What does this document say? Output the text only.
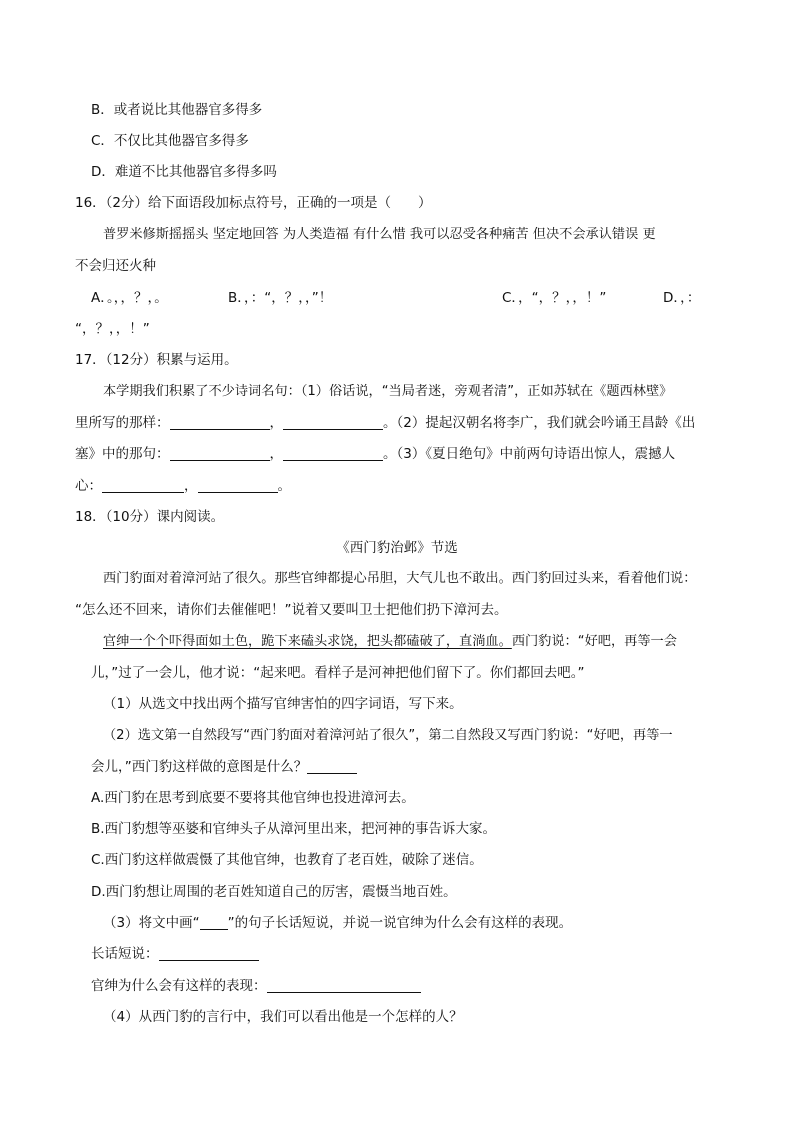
B．或者说比其他器官多得多
C．不仅比其他器官多得多
D．难道不比其他器官多得多吗
16．（2分）给下面语段加标点符号，正确的一项是（　　）
普罗米修斯摇摇头 坚定地回答 为人类造福 有什么惜 我可以忍受各种痛苦 但决不会承认错误 更
不会归还火种
A．。，，？，。	B．，：“，？，，”！	C．，“，？，，！”	D．，：
“，？，，！”
17．（12分）积累与运用。
本学期我们积累了不少诗词名句：（1）俗话说，“当局者迷，旁观者清”，正如苏轼在《题西林壁》
里所写的那样：	，	。（2）提起汉朝名将李广，我们就会吟诵王昌龄《出
塞》中的那句：	，	。（3）《夏日绝句》中前两句诗语出惊人，震撼人
心：	，	。
18．（10分）课内阅读。
《西门豹治邺》节选
西门豹面对着漳河站了很久。那些官绅都提心吊胆，大气儿也不敢出。西门豹回过头来，看着他们说：
“怎么还不回来，请你们去催催吧！”说着又要叫卫士把他们扔下漳河去。
官绅一个个吓得面如土色，跪下来磕头求饶，把头都磕破了，直淌血。西门豹说：“好吧，再等一会
儿，”过了一会儿，他才说：“起来吧。看样子是河神把他们留下了。你们都回去吧。”
（1）从选文中找出两个描写官绅害怕的四字词语，写下来。
（2）选文第一自然段写“西门豹面对着漳河站了很久”，第二自然段又写西门豹说：“好吧，再等一
会儿，”西门豹这样做的意图是什么？
A.西门豹在思考到底要不要将其他官绅也投进漳河去。
B.西门豹想等巫婆和官绅头子从漳河里出来，把河神的事告诉大家。
C.西门豹这样做震慑了其他官绅，也教育了老百姓，破除了迷信。
D.西门豹想让周围的老百姓知道自己的厉害，震慑当地百姓。
（3）将文中画“ ”的句子长话短说，并说一说官绅为什么会有这样的表现。
长话短说：
官绅为什么会有这样的表现：
（4）从西门豹的言行中，我们可以看出他是一个怎样的人？
